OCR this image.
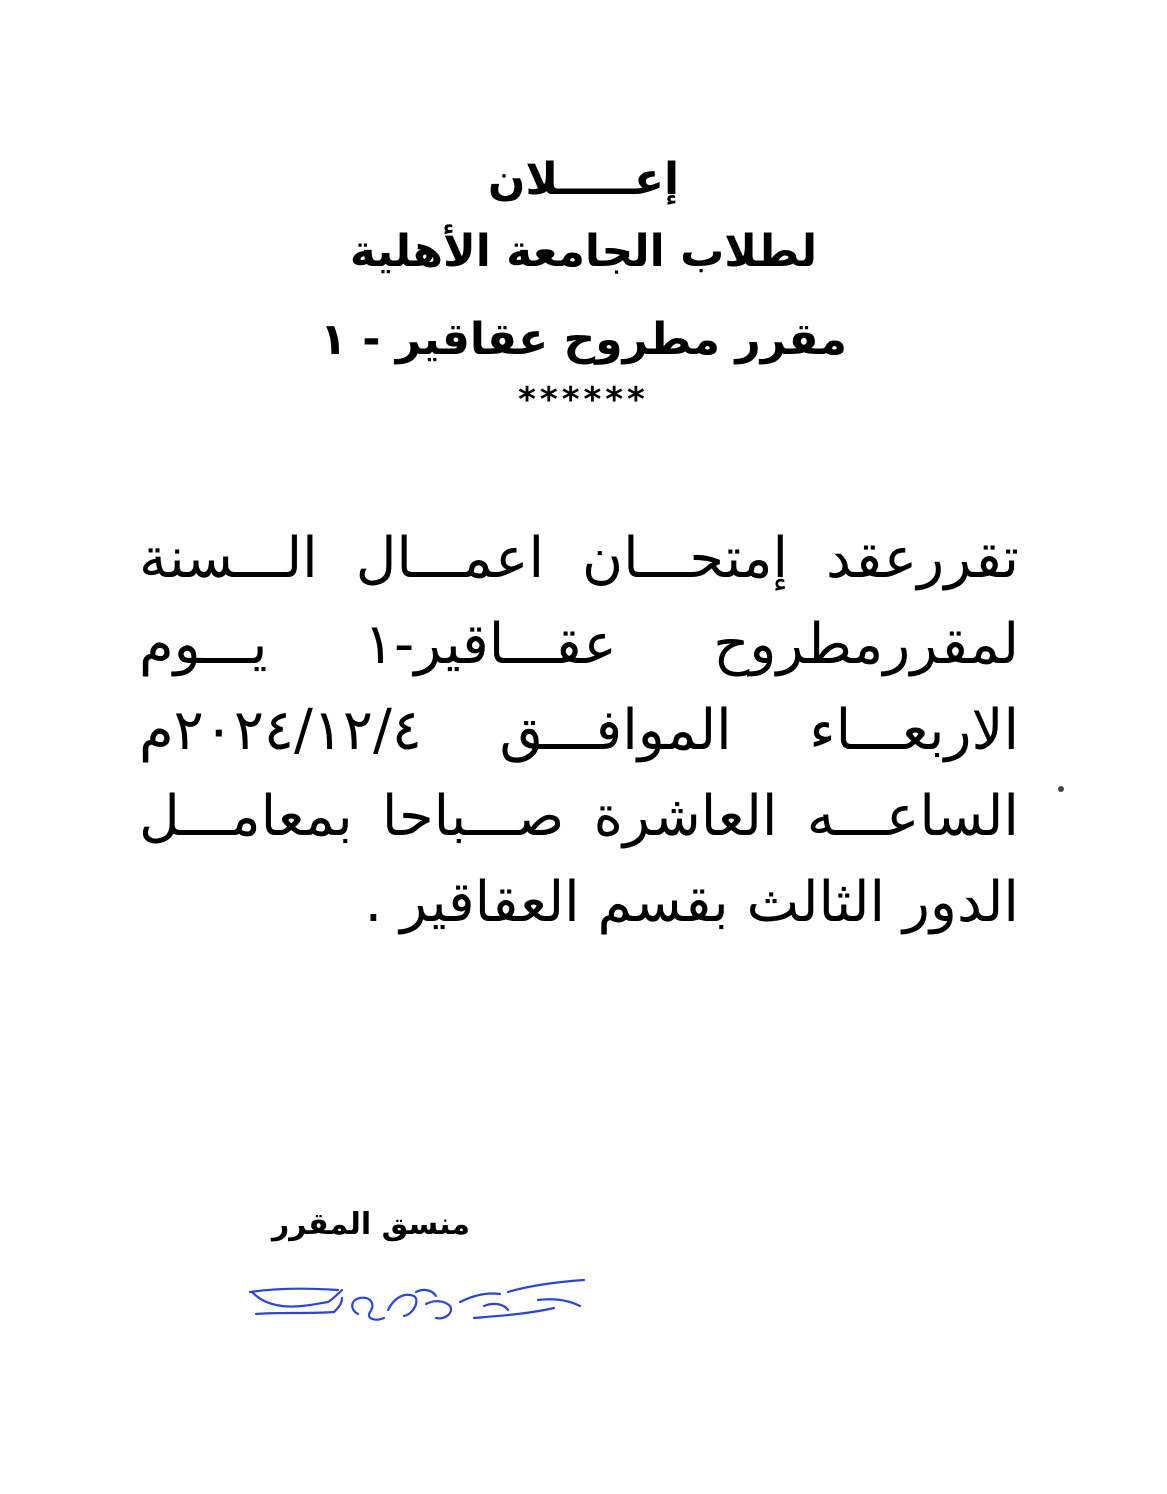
إعـــــلان
لطلاب الجامعة الأهلية
مقرر مطروح عقاقير - ١
******
تقررعقد إمتحـــان اعمـــال الـــسنة
لمقررمطروح عقـــاقير-١ يـــوم
الاربعـــاء الموافـــق ٢٠٢٤/١٢/٤م
الساعـــه العاشرة صـــباحا بمعامـــل
الدور الثالث بقسم العقاقير .
منسق المقرر
